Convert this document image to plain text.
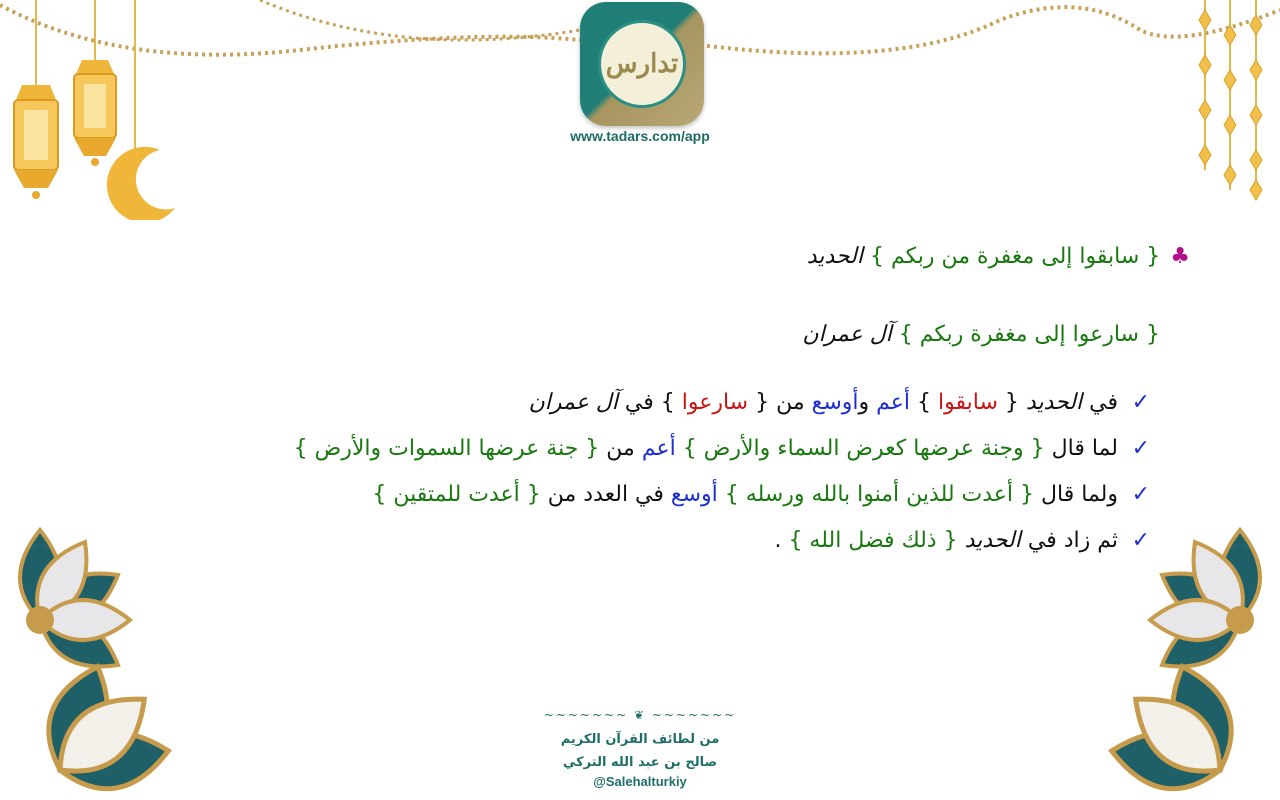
تدارس
www.tadars.com/app
♣{ سابقوا إلى مغفرة من ربكم } الحديد
{ سارعوا إلى مغفرة ربكم } آل عمران
✓
✓
✓
✓
في الحديد { سابقوا } أعم وأوسع من { سارعوا } في آل عمران
لما قال { وجنة عرضها كعرض السماء والأرض } أعم من { جنة عرضها السموات والأرض }
ولما قال { أعدت للذين أمنوا بالله ورسله } أوسع في العدد من { أعدت للمتقين }
ثم زاد في الحديد { ذلك فضل الله } .
~~~~~~~ ❦ ~~~~~~~
من لطائف القرآن الكريم
صالح بن عبد الله التركي
@Salehalturkiy
